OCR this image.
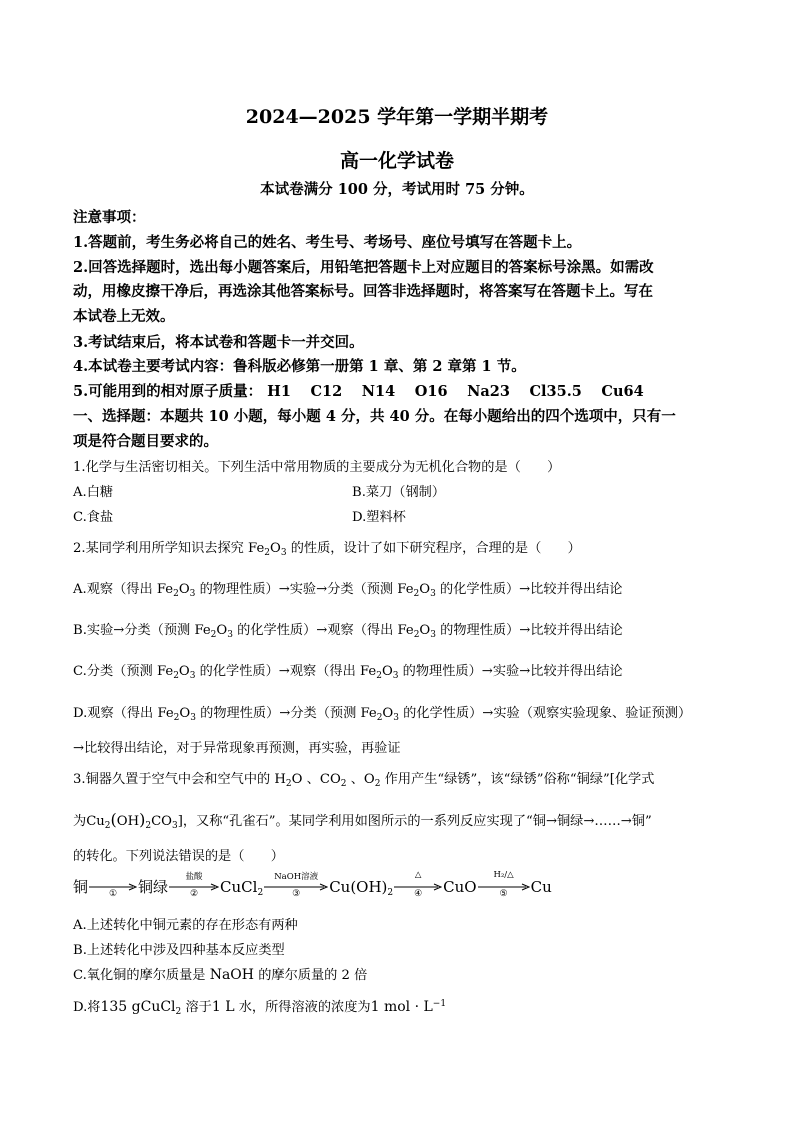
2024—2025 学年第一学期半期考
高一化学试卷
本试卷满分 100 分，考试用时 75 分钟。
注意事项：
1.答题前，考生务必将自己的姓名、考生号、考场号、座位号填写在答题卡上。
2.回答选择题时，选出每小题答案后，用铅笔把答题卡上对应题目的答案标号涂黑。如需改
动，用橡皮擦干净后，再选涂其他答案标号。回答非选择题时，将答案写在答题卡上。写在
本试卷上无效。
3.考试结束后，将本试卷和答题卡一并交回。
4.本试卷主要考试内容：鲁科版必修第一册第 1 章、第 2 章第 1 节。
5.可能用到的相对原子质量： H1　 C12　 N14　 O16　 Na23　 Cl35.5　 Cu64
一、选择题：本题共 10 小题，每小题 4 分，共 40 分。在每小题给出的四个选项中，只有一
项是符合题目要求的。
1.化学与生活密切相关。下列生活中常用物质的主要成分为无机化合物的是（　　）
A.白糖	B.菜刀（钢制）
C.食盐	D.塑料杯
2.某同学利用所学知识去探究 $Fe_2O_3$ 的性质，设计了如下研究程序，合理的是（　　）
A.观察（得出 $Fe_2O_3$ 的物理性质）→实验→分类（预测 $Fe_2O_3$ 的化学性质）→比较并得出结论
B.实验→分类（预测 $Fe_2O_3$ 的化学性质）→观察（得出 $Fe_2O_3$ 的物理性质）→比较并得出结论
C.分类（预测 $Fe_2O_3$ 的化学性质）→观察（得出 $Fe_2O_3$ 的物理性质）→实验→比较并得出结论
D.观察（得出 $Fe_2O_3$ 的物理性质）→分类（预测 $Fe_2O_3$ 的化学性质）→实验（观察实验现象、验证预测）
→比较得出结论，对于异常现象再预测，再实验，再验证
3.铜器久置于空气中会和空气中的 $H_2O$ 、$CO_2$ 、$O_2$ 作用产生“绿锈”，该“绿锈”俗称“铜绿”[化学式
为$Cu_2(OH)_2CO_3$]，又称“孔雀石”。某同学利用如图所示的一系列反应实现了“铜→铜绿→……→铜”
的转化。下列说法错误的是（　　）
铜	①	铜绿
盐酸
②	CuCl$_2$
NaOH溶液
③	$Cu(OH)_2$
△
④	CuO
H₂/△
⑤	Cu
A.上述转化中铜元素的存在形态有两种
B.上述转化中涉及四种基本反应类型
C.氧化铜的摩尔质量是 NaOH 的摩尔质量的 2 倍
D.将135 gCuCl$_2$ 溶于1 L 水，所得溶液的浓度为1 mol · $L^{-1}$
